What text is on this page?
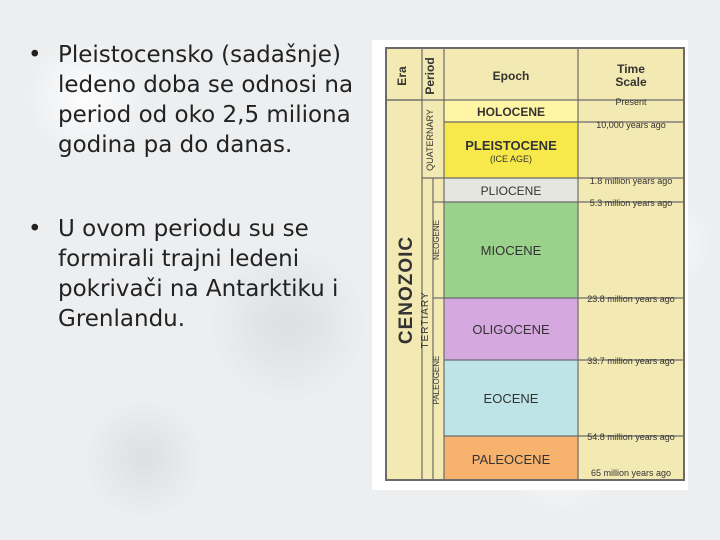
• Pleistocensko (sadašnje) ledeno doba se odnosi na period od oko 2,5 miliona godina pa do danas.
• U ovom periodu su se formirali trajni ledeni pokrivači na Antarktiku i Grenlandu.
Era Period	Epoch	Time
Scale
CENOZOIC
QUATERNARY
TERTIARY
NEOGENE
PALEOGENE
HOLOCENE
PLEISTOCENE
(ICE AGE)
PLIOCENE
MIOCENE
OLIGOCENE
EOCENE
PALEOCENE
Present
10,000 years ago
1.8 million years ago
5.3 million years ago
23.8 million years ago
33.7 million years ago
54.8 million years ago
65 million years ago
